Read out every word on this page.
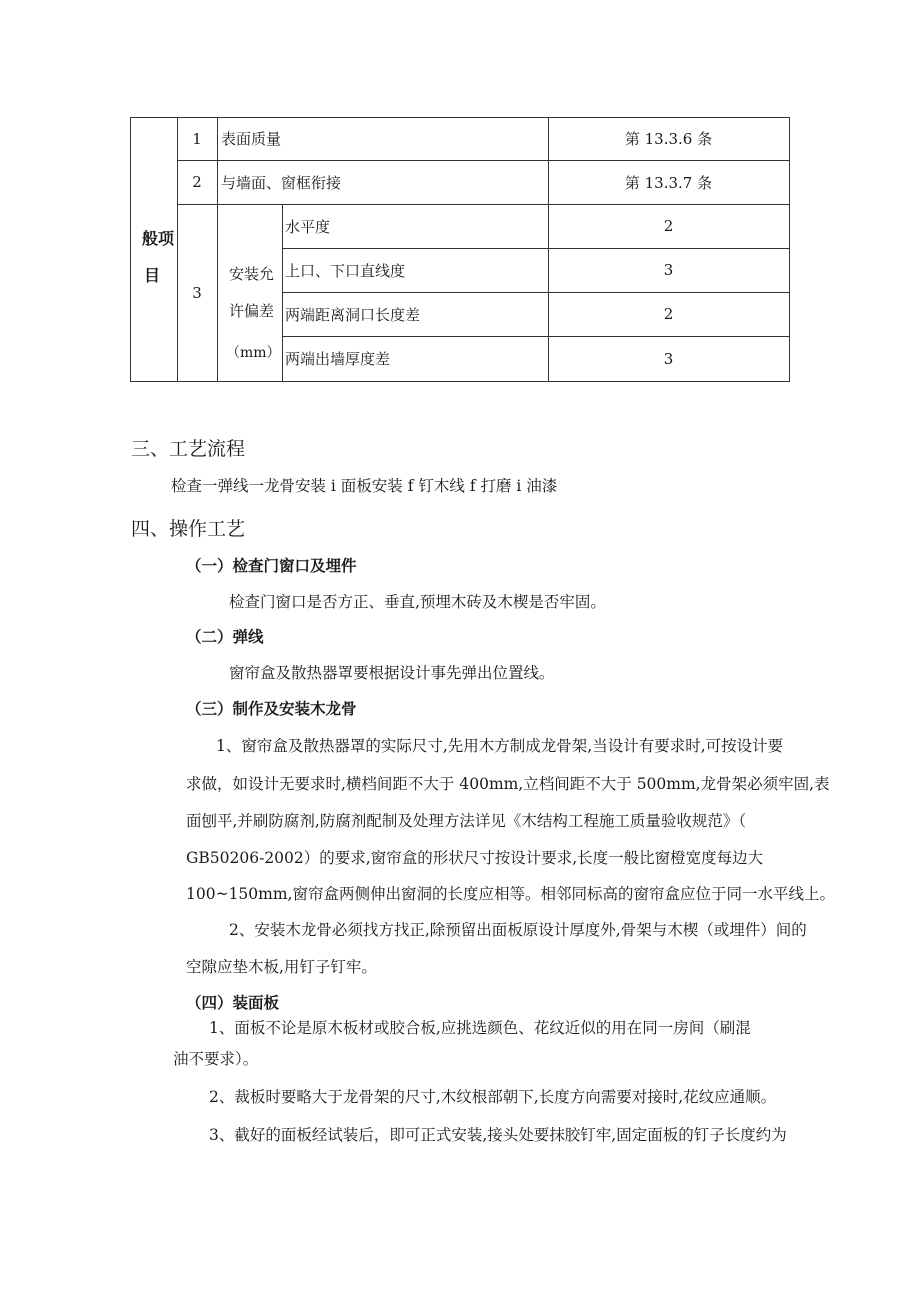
般项
目
1	表面质量	第 13.3.6 条
2	与墙面、窗框衔接	第 13.3.7 条
3
安装允
许偏差
（mm）
水平度	2
上口、下口直线度	3
两端距离洞口长度差	2
两端出墙厚度差	3
三、工艺流程
检查一弹线一龙骨安装 i 面板安装 f 钉木线 f 打磨 i 油漆
四、操作工艺
（一）检查门窗口及埋件
检查门窗口是否方正、垂直,预埋木砖及木楔是否牢固。
（二）弹线
窗帘盒及散热器罩要根据设计事先弹出位置线。
（三）制作及安装木龙骨
1、窗帘盒及散热器罩的实际尺寸,先用木方制成龙骨架,当设计有要求时,可按设计要
求做，如设计无要求时,横档间距不大于 400mm,立档间距不大于 500mm,龙骨架必须牢固,表
面刨平,并刷防腐剂,防腐剂配制及处理方法详见《木结构工程施工质量验收规范》（
GB50206-2002）的要求,窗帘盒的形状尺寸按设计要求,长度一般比窗橙宽度每边大
100~150mm,窗帘盒两侧伸出窗洞的长度应相等。相邻同标高的窗帘盒应位于同一水平线上。
2、安装木龙骨必须找方找正,除预留出面板原设计厚度外,骨架与木楔（或埋件）间的
空隙应垫木板,用钉子钉牢。
（四）装面板
1、面板不论是原木板材或胶合板,应挑选颜色、花纹近似的用在同一房间（刷混
油不要求）。
2、裁板时要略大于龙骨架的尺寸,木纹根部朝下,长度方向需要对接时,花纹应通顺。
3、截好的面板经试装后，即可正式安装,接头处要抹胶钉牢,固定面板的钉子长度约为
